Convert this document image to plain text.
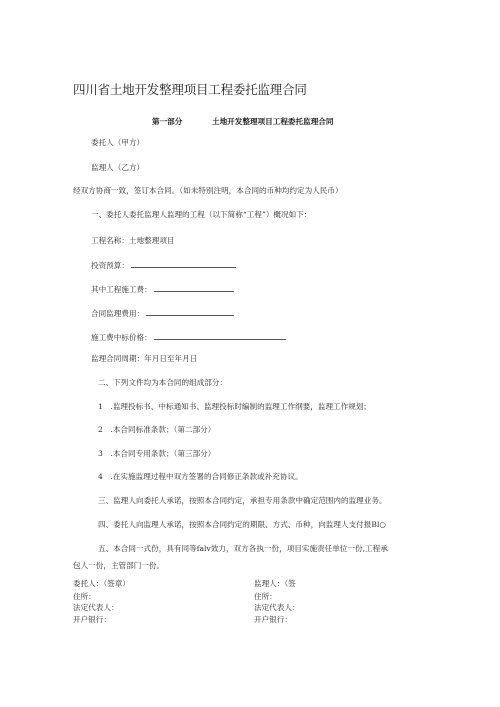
四川省土地开发整理项目工程委托监理合同
第一部分	土地开发整理项目工程委托监理合同
委托人（甲方）
监理人（乙方）
经双方协商一致，签订本合同。（如未特别注明，本合同的币种均约定为人民币）
一、委托人委托监理人监理的工程（以下简称“工程”）概况如下：
工程名称：土地整理项目
投资预算：
其中工程施工费：
合同监理费用：
施工费中标价格：
监理合同周期：年月日至年月日
二、下列文件均为本合同的组成部分：
1　.监理投标书、中标通知书、监理投标时编制的监理工作纲要，监理工作规划；
2　.本合同标准条款；（第二部分）
3　.本合同专用条款；（第三部分）
4　.在实施监理过程中双方签署的合同修正条款或补充协议。
三、监理人向委托人承诺，按照本合同约定，承担专用条款中确定范围内的监理业务。
四、委托人向监理人承诺，按照本合同约定的期限、方式、币种，向监理人支付报Bl○
五、本合同一式份，具有同等falv效力，双方各执一份，项目实施责任单位一份,工程承
包人一份，主管部门一份。
委托人：（签章）
住所：
法定代表人：
开户银行：
监理人：（签
住所：
法定代表人：
开户银行：
